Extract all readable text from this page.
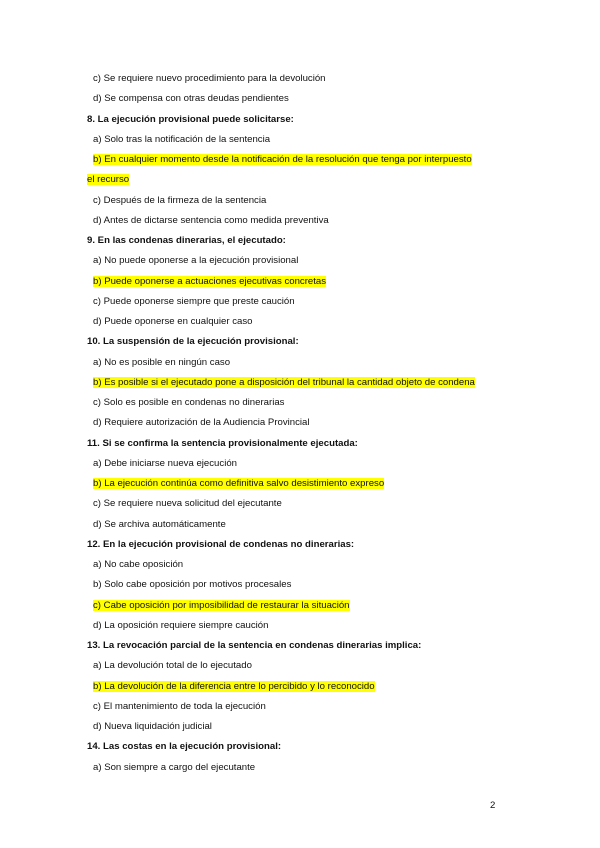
c) Se requiere nuevo procedimiento para la devolución
d) Se compensa con otras deudas pendientes
8. La ejecución provisional puede solicitarse:
a) Solo tras la notificación de la sentencia
b) En cualquier momento desde la notificación de la resolución que tenga por interpuesto
el recurso
c) Después de la firmeza de la sentencia
d) Antes de dictarse sentencia como medida preventiva
9. En las condenas dinerarias, el ejecutado:
a) No puede oponerse a la ejecución provisional
b) Puede oponerse a actuaciones ejecutivas concretas
c) Puede oponerse siempre que preste caución
d) Puede oponerse en cualquier caso
10. La suspensión de la ejecución provisional:
a) No es posible en ningún caso
b) Es posible si el ejecutado pone a disposición del tribunal la cantidad objeto de condena
c) Solo es posible en condenas no dinerarias
d) Requiere autorización de la Audiencia Provincial
11. Si se confirma la sentencia provisionalmente ejecutada:
a) Debe iniciarse nueva ejecución
b) La ejecución continúa como definitiva salvo desistimiento expreso
c) Se requiere nueva solicitud del ejecutante
d) Se archiva automáticamente
12. En la ejecución provisional de condenas no dinerarias:
a) No cabe oposición
b) Solo cabe oposición por motivos procesales
c) Cabe oposición por imposibilidad de restaurar la situación
d) La oposición requiere siempre caución
13. La revocación parcial de la sentencia en condenas dinerarias implica:
a) La devolución total de lo ejecutado
b) La devolución de la diferencia entre lo percibido y lo reconocido
c) El mantenimiento de toda la ejecución
d) Nueva liquidación judicial
14. Las costas en la ejecución provisional:
a) Son siempre a cargo del ejecutante
2
